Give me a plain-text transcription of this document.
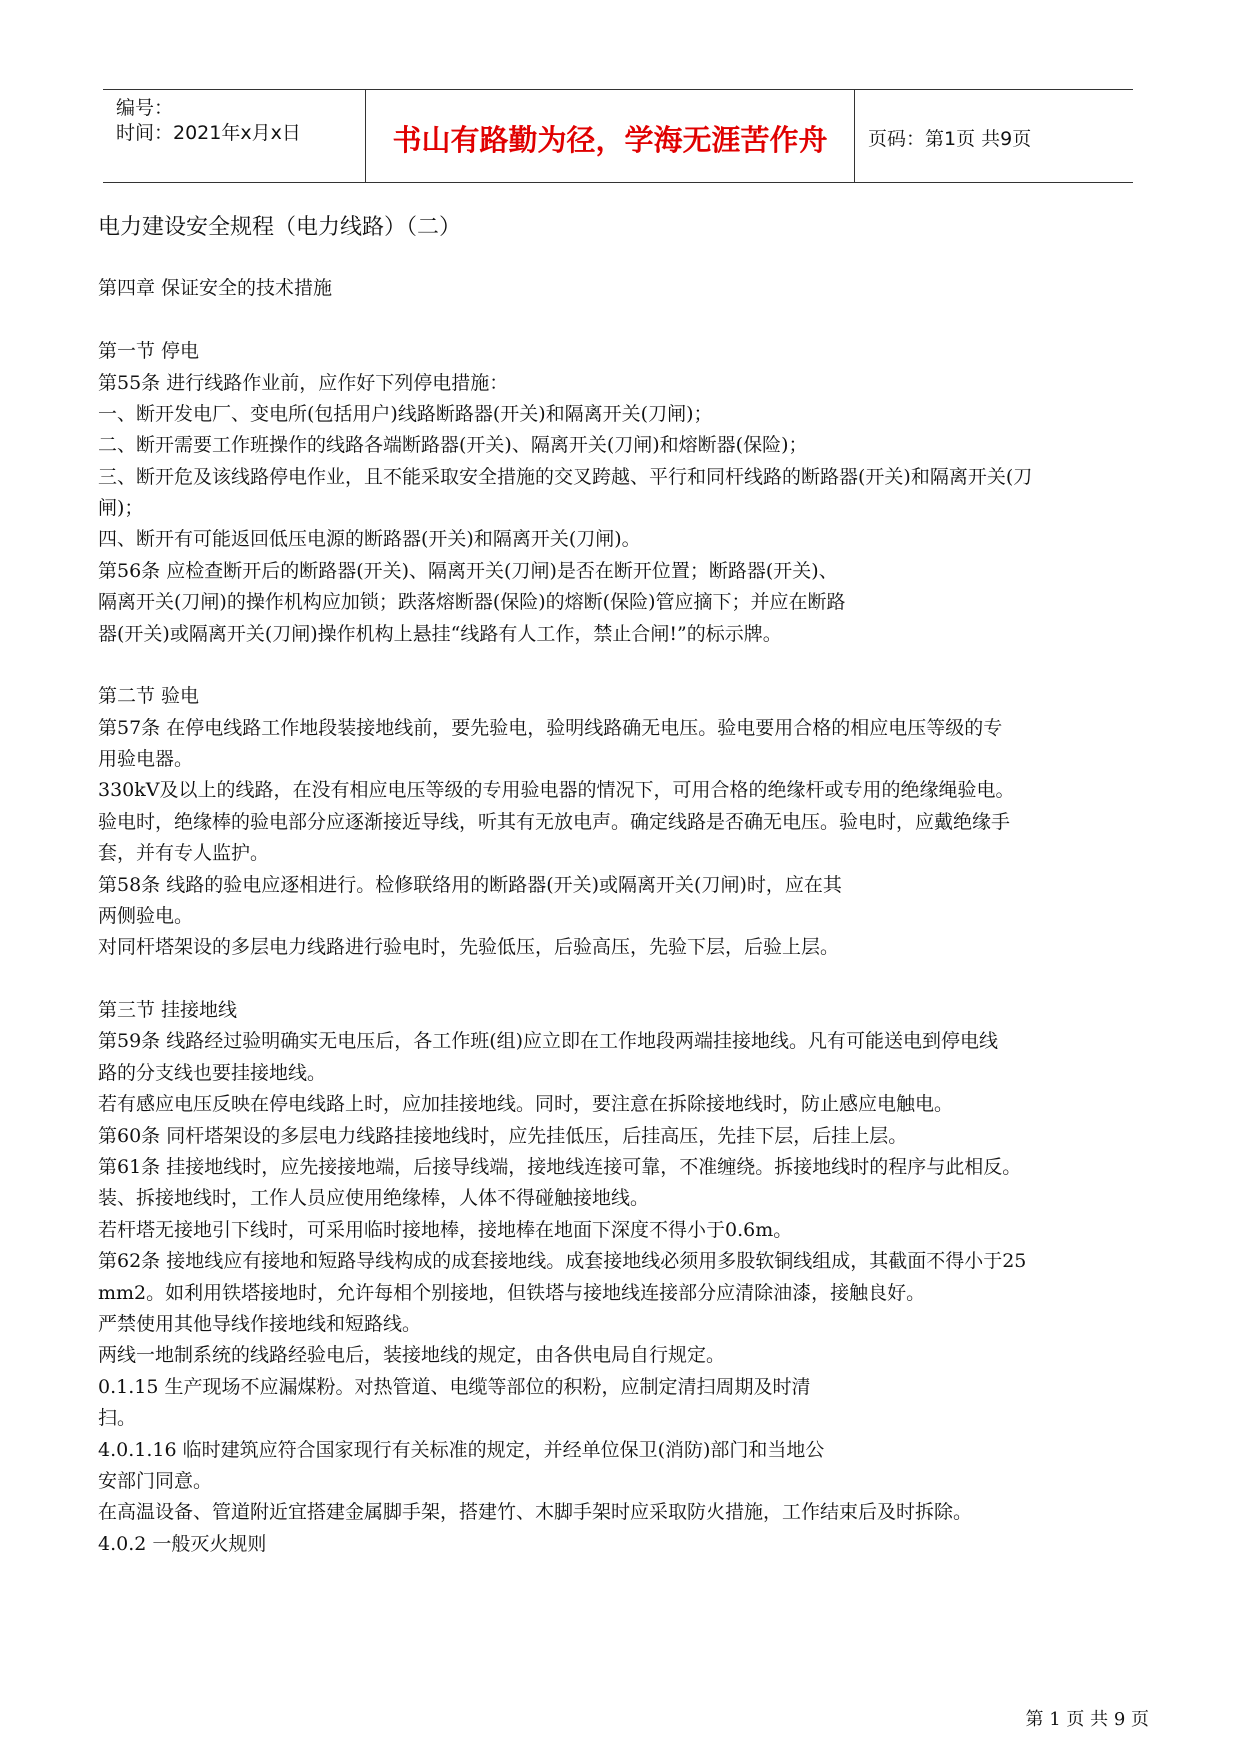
编号：
时间：2021年x月x日	书山有路勤为径，学海无涯苦作舟	页码：第1页 共9页
电力建设安全规程（电力线路）（二）
第四章 保证安全的技术措施
第一节 停电
第55条 进行线路作业前，应作好下列停电措施：
一、断开发电厂、变电所(包括用户)线路断路器(开关)和隔离开关(刀闸)；
二、断开需要工作班操作的线路各端断路器(开关)、隔离开关(刀闸)和熔断器(保险)；
三、断开危及该线路停电作业，且不能采取安全措施的交叉跨越、平行和同杆线路的断路器(开关)和隔离开关(刀
闸)；
四、断开有可能返回低压电源的断路器(开关)和隔离开关(刀闸)。
第56条 应检查断开后的断路器(开关)、隔离开关(刀闸)是否在断开位置；断路器(开关)、
隔离开关(刀闸)的操作机构应加锁；跌落熔断器(保险)的熔断(保险)管应摘下；并应在断路
器(开关)或隔离开关(刀闸)操作机构上悬挂“线路有人工作，禁止合闸!”的标示牌。
第二节 验电
第57条 在停电线路工作地段装接地线前，要先验电，验明线路确无电压。验电要用合格的相应电压等级的专
用验电器。
330kV及以上的线路，在没有相应电压等级的专用验电器的情况下，可用合格的绝缘杆或专用的绝缘绳验电。
验电时，绝缘棒的验电部分应逐渐接近导线，听其有无放电声。确定线路是否确无电压。验电时，应戴绝缘手
套，并有专人监护。
第58条 线路的验电应逐相进行。检修联络用的断路器(开关)或隔离开关(刀闸)时，应在其
两侧验电。
对同杆塔架设的多层电力线路进行验电时，先验低压，后验高压，先验下层，后验上层。
第三节 挂接地线
第59条 线路经过验明确实无电压后，各工作班(组)应立即在工作地段两端挂接地线。凡有可能送电到停电线
路的分支线也要挂接地线。
若有感应电压反映在停电线路上时，应加挂接地线。同时，要注意在拆除接地线时，防止感应电触电。
第60条 同杆塔架设的多层电力线路挂接地线时，应先挂低压，后挂高压，先挂下层，后挂上层。
第61条 挂接地线时，应先接接地端，后接导线端，接地线连接可靠，不准缠绕。拆接地线时的程序与此相反。
装、拆接地线时，工作人员应使用绝缘棒，人体不得碰触接地线。
若杆塔无接地引下线时，可采用临时接地棒，接地棒在地面下深度不得小于0.6m。
第62条 接地线应有接地和短路导线构成的成套接地线。成套接地线必须用多股软铜线组成，其截面不得小于25
mm2。如利用铁塔接地时，允许每相个别接地，但铁塔与接地线连接部分应清除油漆，接触良好。
严禁使用其他导线作接地线和短路线。
两线一地制系统的线路经验电后，装接地线的规定，由各供电局自行规定。
0.1.15 生产现场不应漏煤粉。对热管道、电缆等部位的积粉，应制定清扫周期及时清
扫。
4.0.1.16 临时建筑应符合国家现行有关标准的规定，并经单位保卫(消防)部门和当地公
安部门同意。
在高温设备、管道附近宜搭建金属脚手架，搭建竹、木脚手架时应采取防火措施，工作结束后及时拆除。
4.0.2 一般灭火规则
第 1 页 共 9 页
